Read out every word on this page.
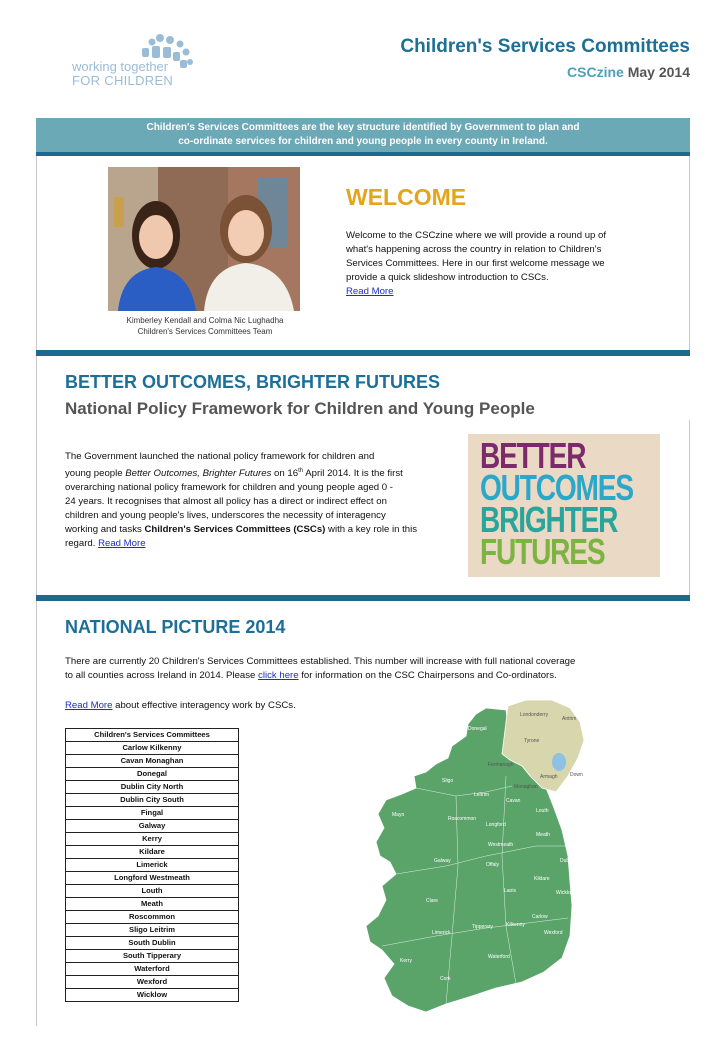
working together
FOR CHILDREN
Children's Services Committees
CSCzine May 2014
Children's Services Committees are the key structure identified by Government to plan and
co-ordinate services for children and young people in every county in Ireland.
Kimberley Kendall and Colma Nic Lughadha
Children's Services Committees Team
WELCOME
Welcome to the CSCzine where we will provide a round up of
what's happening across the country in relation to Children's
Services Committees. Here in our first welcome message we
provide a quick slideshow introduction to CSCs.
Read More
BETTER OUTCOMES, BRIGHTER FUTURES
National Policy Framework for Children and Young People
The Government launched the national policy framework for children and
young people Better Outcomes, Brighter Futures on 16th April 2014. It is the first
overarching national policy framework for children and young people aged 0 -
24 years. It recognises that almost all policy has a direct or indirect effect on
children and young people's lives, underscores the necessity of interagency
working and tasks Children's Services Committees (CSCs) with a key role in this
regard. Read More
BETTER
OUTCOMES
BRIGHTER
FUTURES
NATIONAL PICTURE 2014
There are currently 20 Children's Services Committees established. This number will increase with full national coverage
to all counties across Ireland in 2014. Please click here for information on the CSC Chairpersons and Co-ordinators.
Read More about effective interagency work by CSCs.
Children's Services Committees
Carlow Kilkenny
Cavan Monaghan
Donegal
Dublin City North
Dublin City South
Fingal
Galway
Kerry
Kildare
Limerick
Longford Westmeath
Louth
Meath
Roscommon
Sligo Leitrim
South Dublin
South Tipperary
Waterford
Wexford
Wicklow
Donegal
Londonderry
Antrim
Tyrone
Fermanagh
Armagh Down
Sligo
Leitrim
Monaghan
Cavan
Mayo
Roscommon
Longford
Louth
Westmeath
Meath
Dublin
Galway
Offaly
Kildare
Laois	Wicklow
Clare
Carlow
Tipperary	Kilkenny
Wexford
Limerick
Kerry
Waterford
Cork
